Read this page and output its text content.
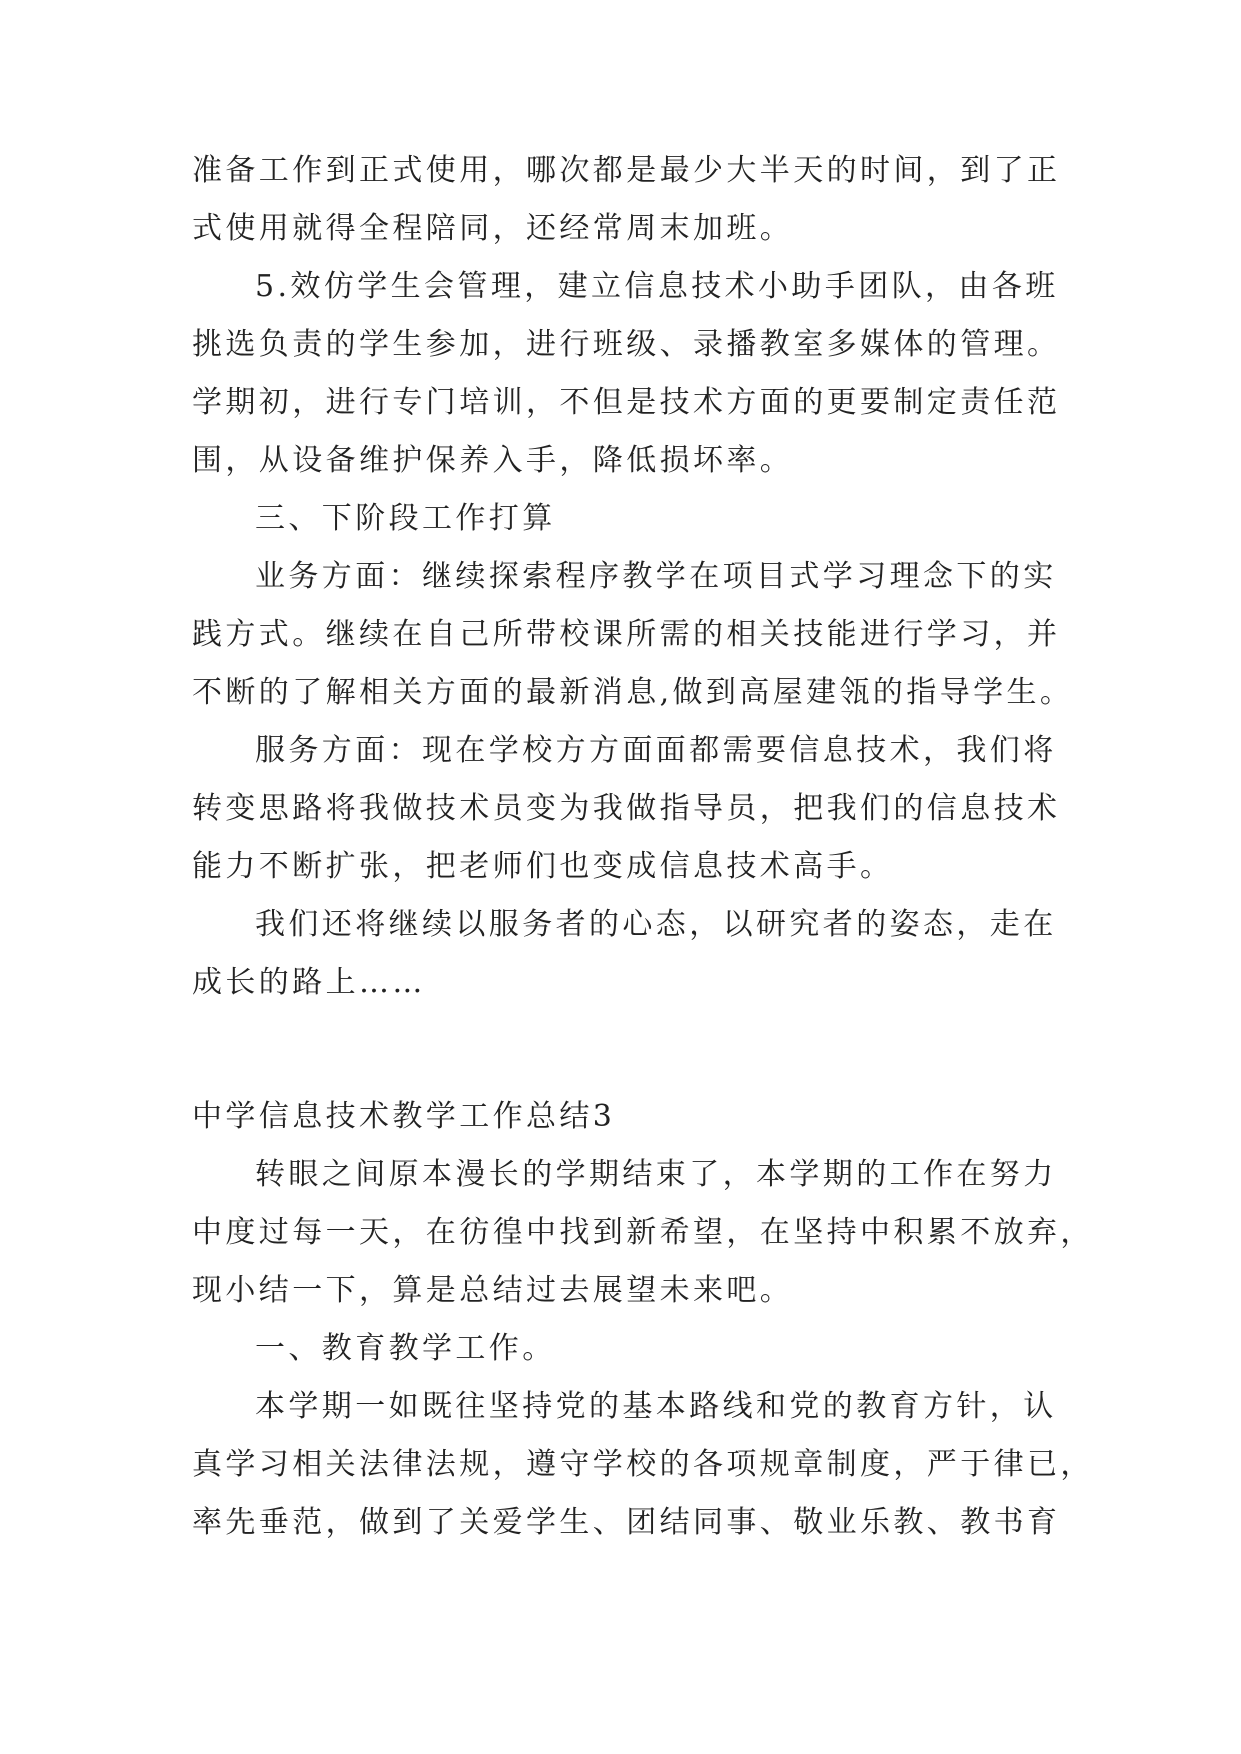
准备工作到正式使用，哪次都是最少大半天的时间，到了正

式使用就得全程陪同，还经常周末加班。

5.效仿学生会管理，建立信息技术小助手团队，由各班

挑选负责的学生参加，进行班级、录播教室多媒体的管理。

学期初，进行专门培训，不但是技术方面的更要制定责任范

围，从设备维护保养入手，降低损坏率。

三、下阶段工作打算

业务方面：继续探索程序教学在项目式学习理念下的实

践方式。继续在自己所带校课所需的相关技能进行学习，并

不断的了解相关方面的最新消息,做到高屋建瓴的指导学生。

服务方面：现在学校方方面面都需要信息技术，我们将

转变思路将我做技术员变为我做指导员，把我们的信息技术

能力不断扩张，把老师们也变成信息技术高手。

我们还将继续以服务者的心态，以研究者的姿态，走在

成长的路上……

中学信息技术教学工作总结3

转眼之间原本漫长的学期结束了，本学期的工作在努力

中度过每一天，在彷徨中找到新希望，在坚持中积累不放弃，

现小结一下，算是总结过去展望未来吧。

一、教育教学工作。

本学期一如既往坚持党的基本路线和党的教育方针，认

真学习相关法律法规，遵守学校的各项规章制度，严于律已，

率先垂范，做到了关爱学生、团结同事、敬业乐教、教书育
